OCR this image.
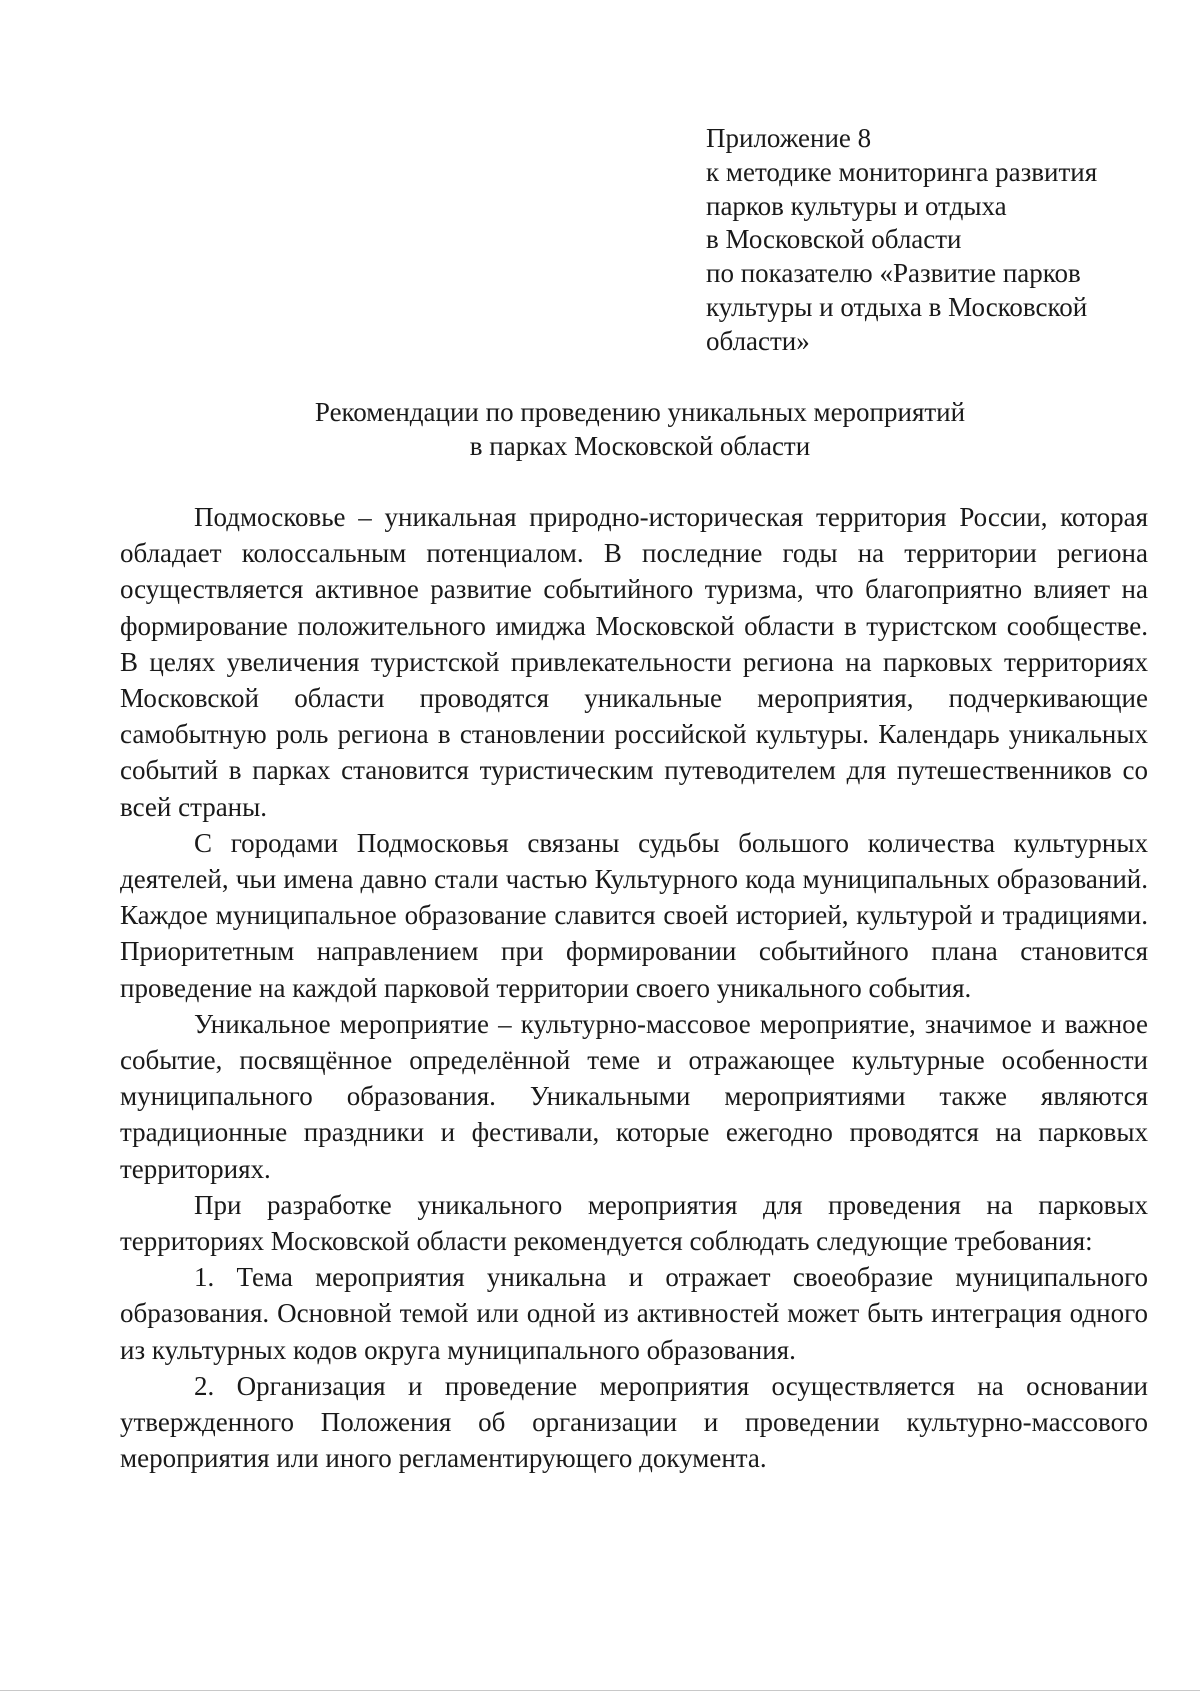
Приложение 8
к методике мониторинга развития
парков культуры и отдыха
в Московской области
по показателю «Развитие парков
культуры и отдыха в Московской
области»
Рекомендации по проведению уникальных мероприятий
в парках Московской области

Подмосковье – уникальная природно-историческая территория России, которая обладает колоссальным потенциалом. В последние годы на территории региона осуществляется активное развитие событийного туризма, что благоприятно влияет на формирование положительного имиджа Московской области в туристском сообществе. В целях увеличения туристской привлекательности региона на парковых территориях Московской области проводятся уникальные мероприятия, подчеркивающие самобытную роль региона в становлении российской культуры. Календарь уникальных событий в парках становится туристическим путеводителем для путешественников со всей страны.

С городами Подмосковья связаны судьбы большого количества культурных деятелей, чьи имена давно стали частью Культурного кода муниципальных образований. Каждое муниципальное образование славится своей историей, культурой и традициями. Приоритетным направлением при формировании событийного плана становится проведение на каждой парковой территории своего уникального события.

Уникальное мероприятие – культурно-массовое мероприятие, значимое и важное событие, посвящённое определённой теме и отражающее культурные особенности муниципального образования. Уникальными мероприятиями также являются традиционные праздники и фестивали, которые ежегодно проводятся на парковых территориях.

При разработке уникального мероприятия для проведения на парковых территориях Московской области рекомендуется соблюдать следующие требования:

1. Тема мероприятия уникальна и отражает своеобразие муниципального образования. Основной темой или одной из активностей может быть интеграция одного из культурных кодов округа муниципального образования.

2. Организация и проведение мероприятия осуществляется на основании утвержденного Положения об организации и проведении культурно-массового мероприятия или иного регламентирующего документа.
